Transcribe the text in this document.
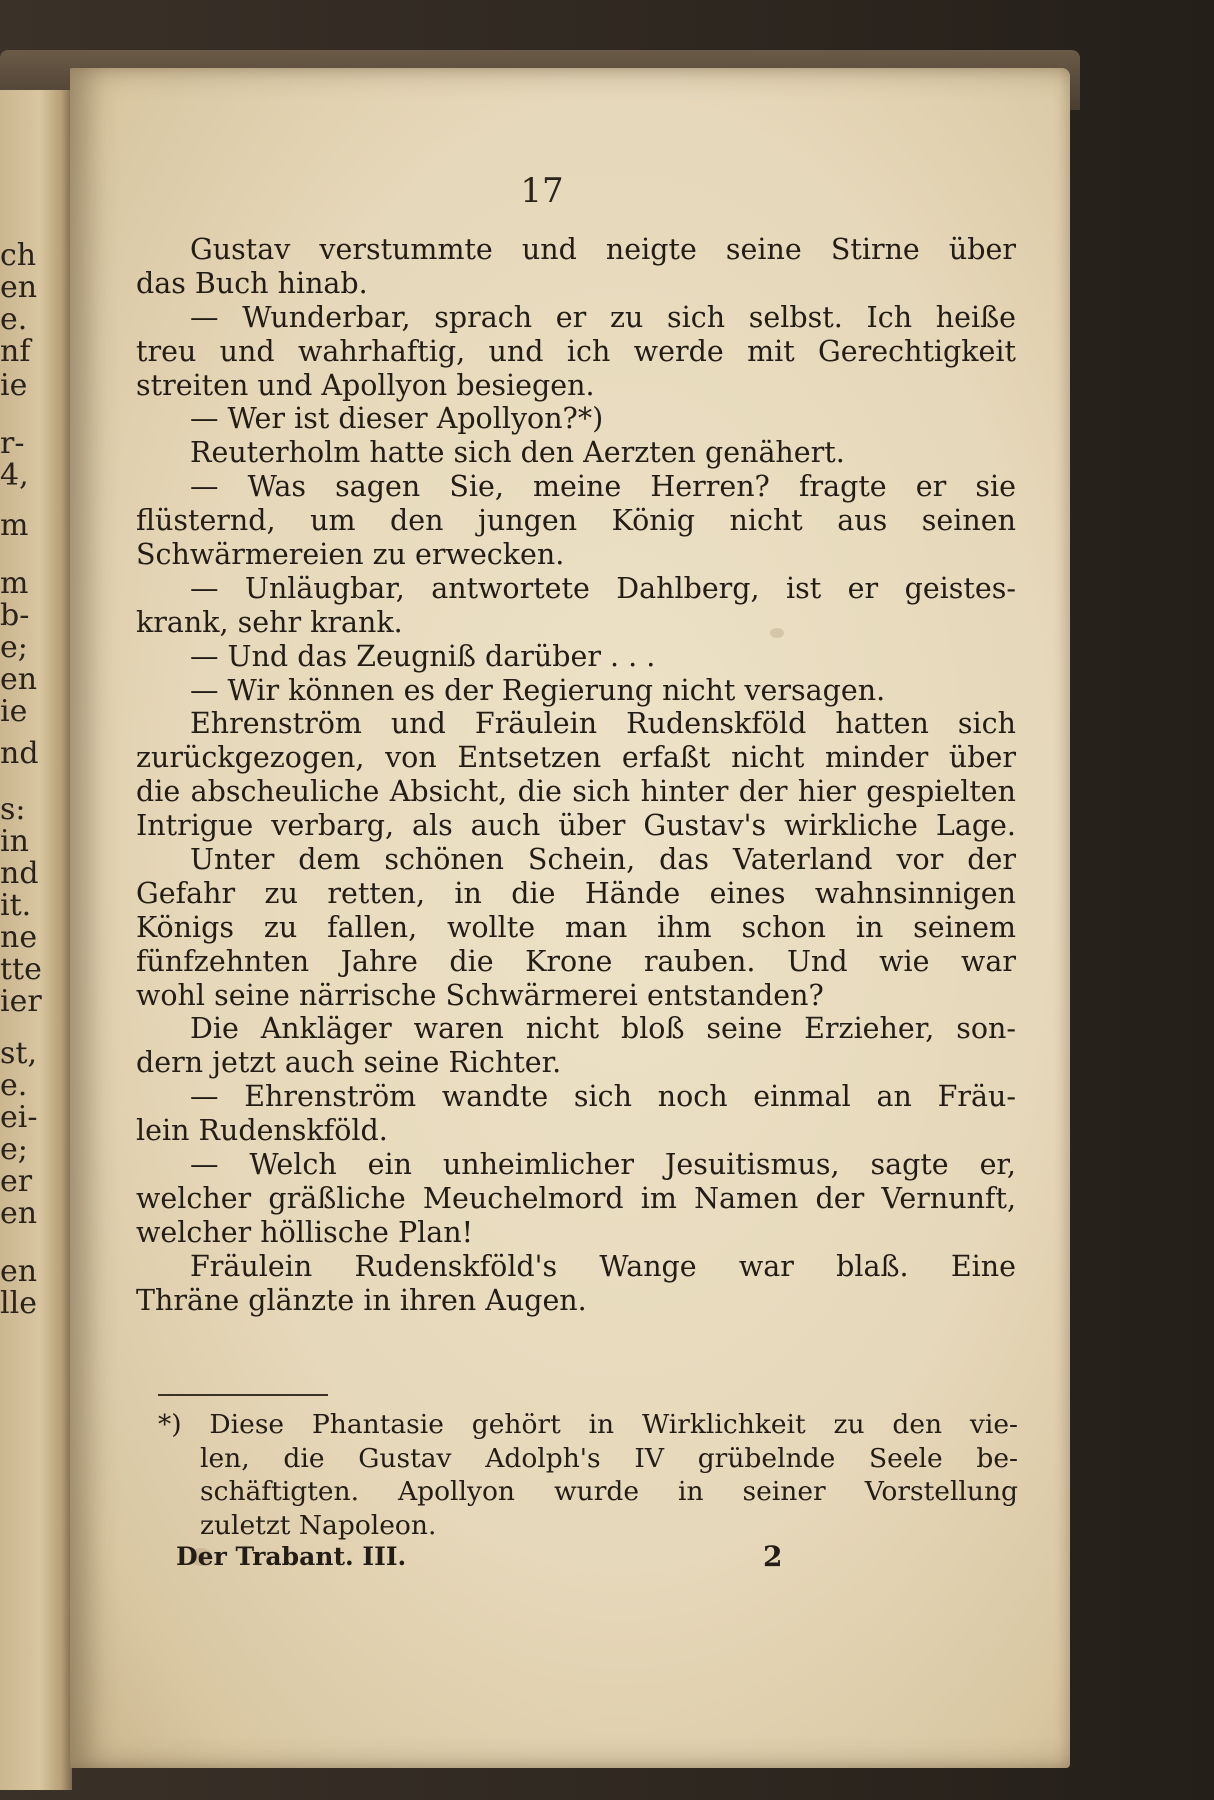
ch
en
e.
nf
ie
r-
4,
m
m
b-
e;
en
ie
nd
s:
in
nd
it.
ne
tte
ier
st,
e.
ei-
e;
er
en
en
lle
17
Gustav verstummte und neigte seine Stirne über
das Buch hinab.
— Wunderbar, sprach er zu sich selbst. Ich heiße
treu und wahrhaftig, und ich werde mit Gerechtigkeit
streiten und Apollyon besiegen.
— Wer ist dieser Apollyon?*)
Reuterholm hatte sich den Aerzten genähert.
— Was sagen Sie, meine Herren? fragte er sie
flüsternd, um den jungen König nicht aus seinen
Schwärmereien zu erwecken.
— Unläugbar, antwortete Dahlberg, ist er geistes-
krank, sehr krank.
— Und das Zeugniß darüber . . .
— Wir können es der Regierung nicht versagen.
Ehrenström und Fräulein Rudenskföld hatten sich
zurückgezogen, von Entsetzen erfaßt nicht minder über
die abscheuliche Absicht, die sich hinter der hier gespielten
Intrigue verbarg, als auch über Gustav's wirkliche Lage.
Unter dem schönen Schein, das Vaterland vor der
Gefahr zu retten, in die Hände eines wahnsinnigen
Königs zu fallen, wollte man ihm schon in seinem
fünfzehnten Jahre die Krone rauben. Und wie war
wohl seine närrische Schwärmerei entstanden?
Die Ankläger waren nicht bloß seine Erzieher, son-
dern jetzt auch seine Richter.
— Ehrenström wandte sich noch einmal an Fräu-
lein Rudenskföld.
— Welch ein unheimlicher Jesuitismus, sagte er,
welcher gräßliche Meuchelmord im Namen der Vernunft,
welcher höllische Plan!
Fräulein Rudenskföld's Wange war blaß. Eine
Thräne glänzte in ihren Augen.
*) Diese Phantasie gehört in Wirklichkeit zu den vie-
len, die Gustav Adolph's IV grübelnde Seele be-
schäftigten. Apollyon wurde in seiner Vorstellung
zuletzt Napoleon.
Der Trabant. III.	2
